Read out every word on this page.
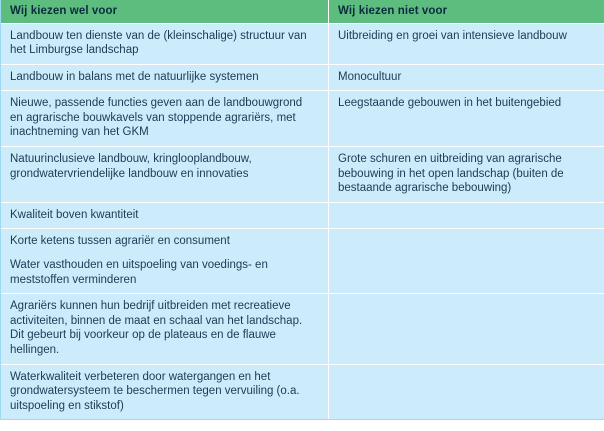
Wij kiezen wel voor	Wij kiezen niet voor

Landbouw ten dienste van de (kleinschalige) structuur van het Limburgse landschap	Uitbreiding en groei van intensieve landbouw

Landbouw in balans met de natuurlijke systemen	Monocultuur

Nieuwe, passende functies geven aan de landbouwgrond en agrarische bouwkavels van stoppende agrariërs, met inachtneming van het GKM	Leegstaande gebouwen in het buitengebied

Natuurinclusieve landbouw, kringlooplandbouw, grondwatervriendelijke landbouw en innovaties	Grote schuren en uitbreiding van agrarische bebouwing in het open landschap (buiten de bestaande agrarische bebouwing)

Kwaliteit boven kwantiteit	

Korte ketens tussen agrariër en consument

Water vasthouden en uitspoeling van voedings- en meststoffen verminderen	

Agrariërs kunnen hun bedrijf uitbreiden met recreatieve activiteiten, binnen de maat en schaal van het landschap. Dit gebeurt bij voorkeur op de plateaus en de flauwe hellingen.	

Waterkwaliteit verbeteren door watergangen en het grondwatersysteem te beschermen tegen vervuiling (o.a. uitspoeling en stikstof)	
